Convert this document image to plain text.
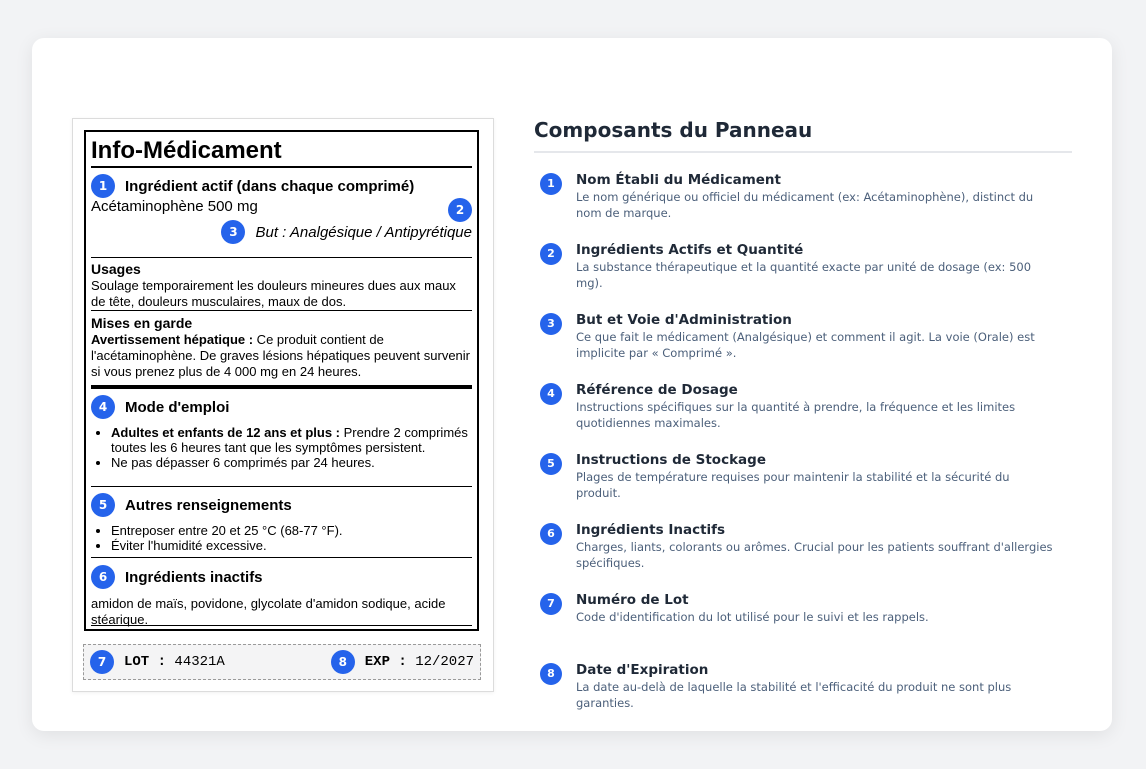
Info-Médicament
1	Ingrédient actif (dans chaque comprimé)
Acétaminophène 500 mg	2
3	But : Analgésique / Antipyrétique
Usages
Soulage temporairement les douleurs mineures dues aux maux de tête, douleurs musculaires, maux de dos.
Mises en garde
Avertissement hépatique : Ce produit contient de l'acétaminophène. De graves lésions hépatiques peuvent survenir si vous prenez plus de 4 000 mg en 24 heures.
4	Mode d'emploi
• Adultes et enfants de 12 ans et plus : Prendre 2 comprimés toutes les 6 heures tant que les symptômes persistent.
• Ne pas dépasser 6 comprimés par 24 heures.
5	Autres renseignements
• Entreposer entre 20 et 25 °C (68-77 °F).
• Éviter l'humidité excessive.
6	Ingrédients inactifs
amidon de maïs, povidone, glycolate d'amidon sodique, acide stéarique.
7	LOT : 44321A	8	EXP : 12/2027
Composants du Panneau
1	Nom Établi du Médicament
Le nom générique ou officiel du médicament (ex: Acétaminophène), distinct du nom de marque.
2	Ingrédients Actifs et Quantité
La substance thérapeutique et la quantité exacte par unité de dosage (ex: 500 mg).
3	But et Voie d'Administration
Ce que fait le médicament (Analgésique) et comment il agit. La voie (Orale) est implicite par « Comprimé ».
4	Référence de Dosage
Instructions spécifiques sur la quantité à prendre, la fréquence et les limites quotidiennes maximales.
5	Instructions de Stockage
Plages de température requises pour maintenir la stabilité et la sécurité du produit.
6	Ingrédients Inactifs
Charges, liants, colorants ou arômes. Crucial pour les patients souffrant d'allergies spécifiques.
7	Numéro de Lot
Code d'identification du lot utilisé pour le suivi et les rappels.
8	Date d'Expiration
La date au-delà de laquelle la stabilité et l'efficacité du produit ne sont plus garanties.
